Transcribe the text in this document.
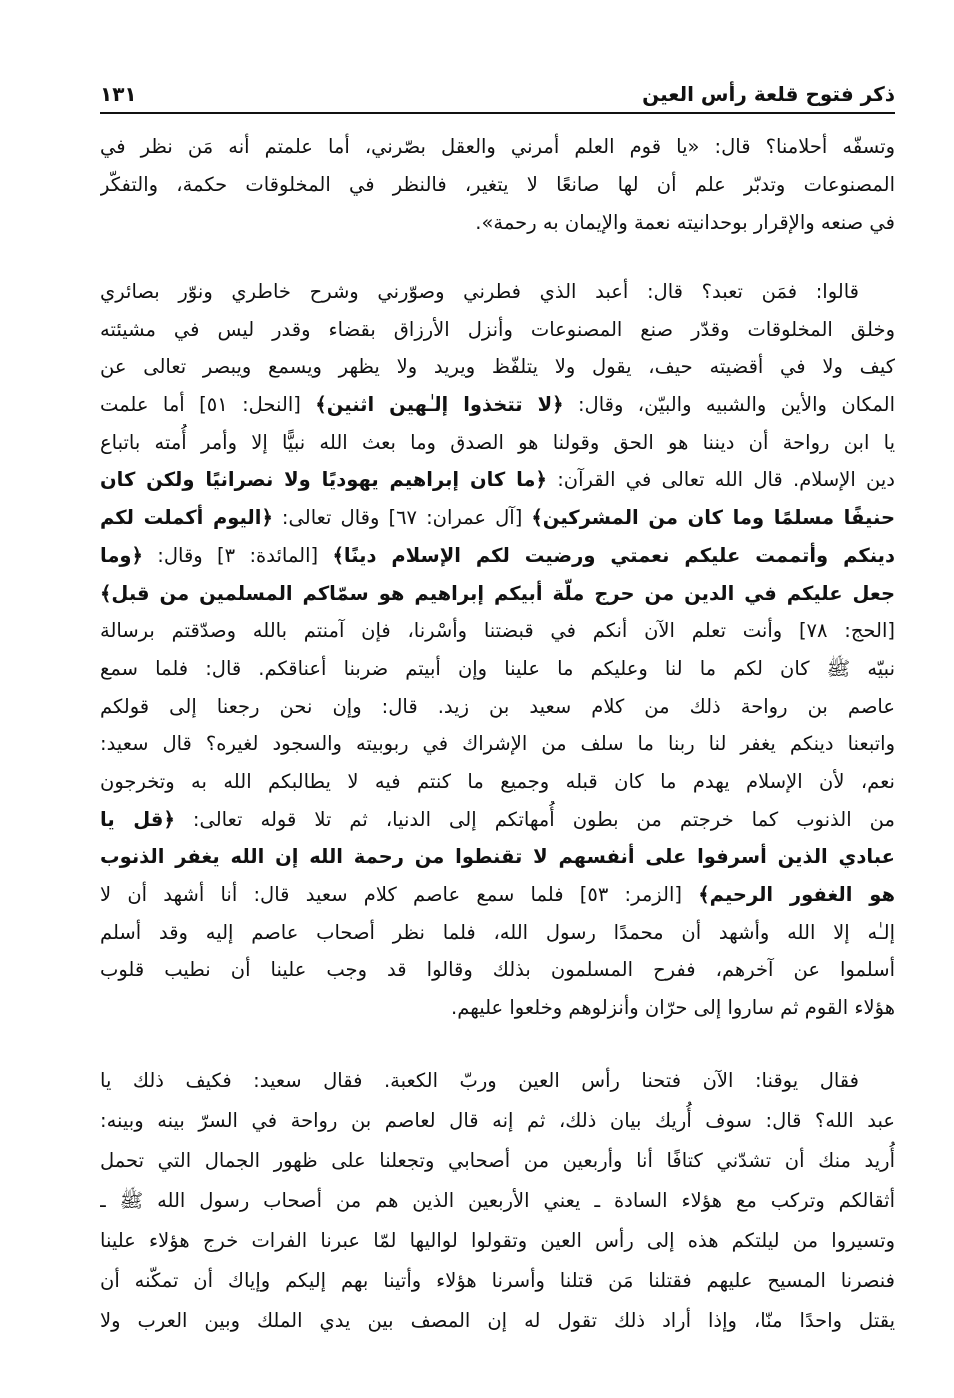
ذكر فتوح قلعة رأس العين
١٣١
وتسفّه أحلامنا؟ قال: «يا قوم العلم أمرني والعقل بصّرني، أما علمتم أنه مَن نظر في
المصنوعات وتدبّر علم أن لها صانعًا لا يتغير، فالنظر في المخلوقات حكمة، والتفكّر
في صنعه والإقرار بوحدانيته نعمة والإيمان به رحمة».
قالوا: فمَن تعبد؟ قال: أعبد الذي فطرني وصوّرني وشرح خاطري ونوّر بصائري
وخلق المخلوقات وقدّر صنع المصنوعات وأنزل الأرزاق بقضاء وقدر ليس في مشيئته
كيف ولا في أقضيته حيف، يقول ولا يتلفّظ ويريد ولا يظهر ويسمع ويبصر تعالى عن
المكان والأين والشبيه والبيّن، وقال: ﴿لا تتخذوا إلـٰهين اثنين﴾ [النحل: ٥١] أما علمت
يا ابن رواحة أن ديننا هو الحق وقولنا هو الصدق وما بعث الله نبيًّا إلا وأمر أُمته باتباع
دين الإسلام. قال الله تعالى في القرآن: ﴿ما كان إبراهيم يهوديًا ولا نصرانيًا ولكن كان
حنيفًا مسلمًا وما كان من المشركين﴾ [آل عمران: ٦٧] وقال تعالى: ﴿اليوم أكملت لكم
دينكم وأتممت عليكم نعمتي ورضيت لكم الإسلام دينًا﴾ [المائدة: ٣] وقال: ﴿وما
جعل عليكم في الدين من حرج ملّة أبيكم إبراهيم هو سمّاكم المسلمين من قبل﴾
[الحج: ٧٨] وأنت تعلم الآن أنكم في قبضتنا وأسْرنا، فإن آمنتم بالله وصدّقتم برسالة
نبيّه ﷺ كان لكم ما لنا وعليكم ما علينا وإن أبيتم ضربنا أعناقكم. قال: فلما سمع
عاصم بن رواحة ذلك من كلام سعيد بن زيد. قال: وإن نحن رجعنا إلى قولكم
واتبعنا دينكم يغفر لنا ربنا ما سلف من الإشراك في ربوبيته والسجود لغيره؟ قال سعيد:
نعم، لأن الإسلام يهدم ما كان قبله وجميع ما كنتم فيه لا يطالبكم الله به وتخرجون
من الذنوب كما خرجتم من بطون أُمهاتكم إلى الدنيا، ثم تلا قوله تعالى: ﴿قل يا
عبادي الذين أسرفوا على أنفسهم لا تقنطوا من رحمة الله إن الله يغفر الذنوب
هو الغفور الرحيم﴾ [الزمر: ٥٣] فلما سمع عاصم كلام سعيد قال: أنا أشهد أن لا
إلـٰه إلا الله وأشهد أن محمدًا رسول الله، فلما نظر أصحاب عاصم إليه وقد أسلم
أسلموا عن آخرهم، ففرح المسلمون بذلك وقالوا قد وجب علينا أن نطيب قلوب
هؤلاء القوم ثم ساروا إلى حرّان وأنزلوهم وخلعوا عليهم.
فقال يوقنا: الآن فتحنا رأس العين وربّ الكعبة. فقال سعيد: فكيف ذلك يا
عبد الله؟ قال: سوف أُريك بيان ذلك، ثم إنه قال لعاصم بن رواحة في السرّ بينه وبينه:
أُريد منك أن تشدّني كتافًا أنا وأربعين من أصحابي وتجعلنا على ظهور الجمال التي تحمل
أثقالكم وتركب مع هؤلاء السادة ـ يعني الأربعين الذين هم من أصحاب رسول الله ﷺ ـ
وتسيروا من ليلتكم هذه إلى رأس العين وتقولوا لواليها لمّا عبرنا الفرات خرج هؤلاء علينا
فنصرنا المسيح عليهم فقتلنا مَن قتلنا وأسرنا هؤلاء وأتينا بهم إليكم وإياك أن تمكّنه أن
يقتل واحدًا منّا، وإذا أراد ذلك تقول له إن المصف بين يدي الملك وبين العرب ولا
